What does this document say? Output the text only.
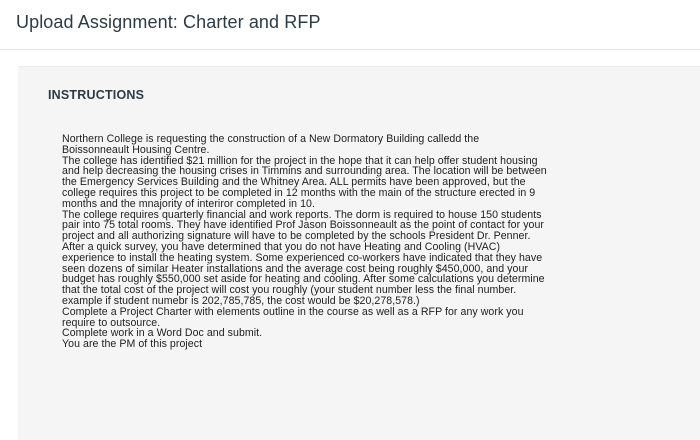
Upload Assignment: Charter and RFP
INSTRUCTIONS
Northern College is requesting the construction of a New Dormatory Building calledd the
Boissonneault Housing Centre.
The college has identified $21 million for the project in the hope that it can help offer student housing
and help decreasing the housing crises in Timmins and surrounding area. The location will be between
the Emergency Services Building and the Whitney Area. ALL permits have been approved, but the
college requires this project to be completed in 12 months with the main of the structure erected in 9
months and the mnajority of interiror completed in 10.
The college requires quarterly financial and work reports. The dorm is required to house 150 students
pair into 75 total rooms. They have identified Prof Jason Boissonneault as the point of contact for your
project and all authorizing signature will have to be completed by the schools President Dr. Penner.
After a quick survey, you have determined that you do not have Heating and Cooling (HVAC)
experience to install the heating system. Some experienced co-workers have indicated that they have
seen dozens of similar Heater installations and the average cost being roughly $450,000, and your
budget has roughly $550,000 set aside for heating and cooling. After some calculations you determine
that the total cost of the project will cost you roughly (your student number less the final number.
example if student numebr is 202,785,785, the cost would be $20,278,578.)
Complete a Project Charter with elements outline in the course as well as a RFP for any work you
require to outsource.
Complete work in a Word Doc and submit.
You are the PM of this project
